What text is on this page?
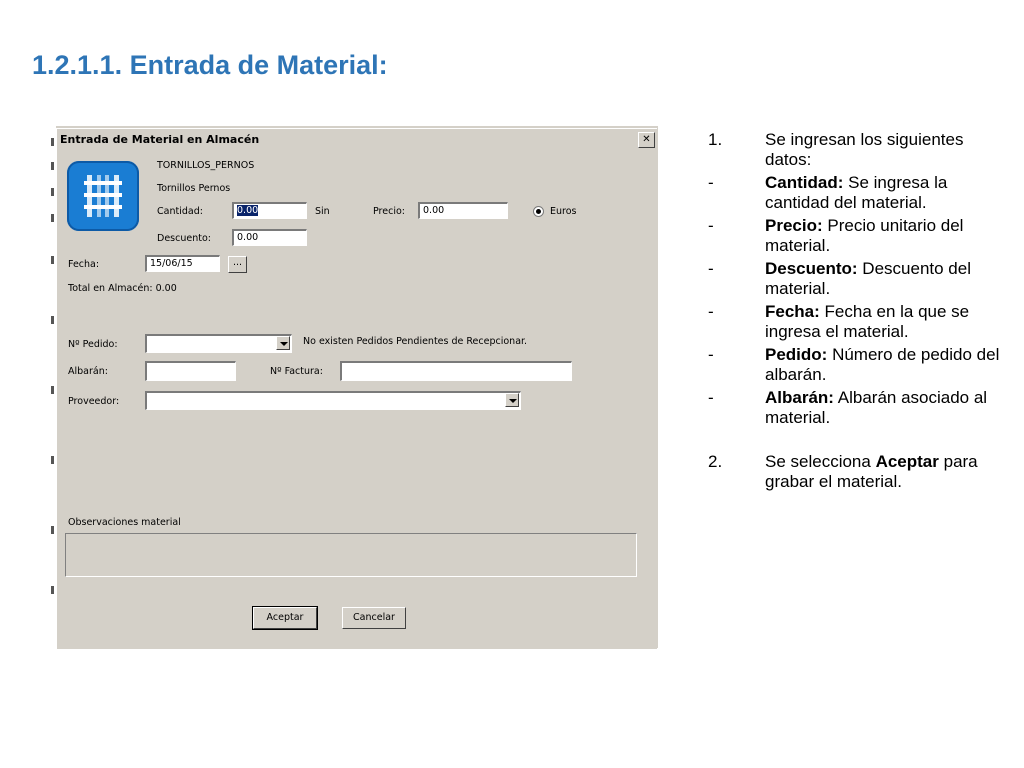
1.2.1.1. Entrada de Material:
Entrada de Material en Almacén	✕
TORNILLOS_PERNOS
Tornillos Pernos
Cantidad:	0.00	Sin	Precio:	0.00	Euros
Descuento:	0.00
Fecha:	15/06/15	...
Total en Almacén: 0.00
Nº Pedido:	No existen Pedidos Pendientes de Recepcionar.
Albarán:	Nº Factura:
Proveedor:
Observaciones material
Aceptar	Cancelar
1.	Se ingresan los siguientes datos:
-	Cantidad: Se ingresa la cantidad del material.
-	Precio: Precio unitario del material.
-	Descuento: Descuento del material.
-	Fecha: Fecha en la que se ingresa el material.
-	Pedido: Número de pedido del albarán.
-	Albarán: Albarán asociado al material.
2.	Se selecciona Aceptar para grabar el material.
